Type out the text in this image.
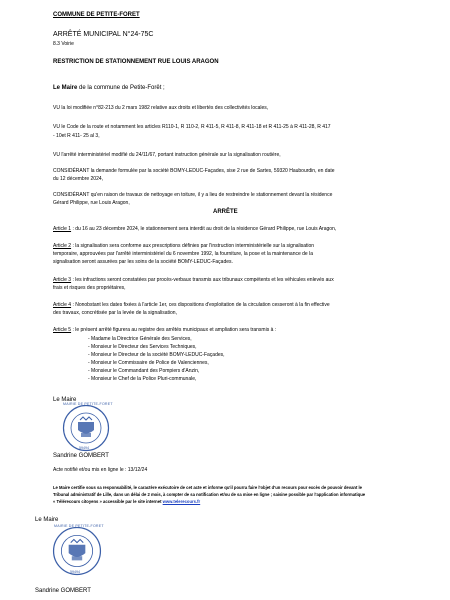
COMMUNE DE PETITE-FORET
ARRÊTÉ MUNICIPAL N°24-75C
8.3 Voirie
RESTRICTION DE STATIONNEMENT RUE LOUIS ARAGON
Le Maire de la commune de Petite-Forêt ;
VU la loi modifiée n°82-213 du 2 mars 1982 relative aux droits et libertés des collectivités locales,
VU le Code de la route et notamment les articles R110-1, R 110-2, R 411-5, R 411-8, R 411-18 et R 411-25 à R 411-28, R 417
- 10et R 411- 25 al 3,
VU l'arrêté interministériel modifié du 24/11/67, portant instruction générale sur la signalisation routière,
CONSIDÉRANT la demande formulée par la société BOMY-LEDUC-Façades, sise 2 rue de Sartes, 59320 Haubourdin, en date
du 12 décembre 2024,
CONSIDÉRANT qu'en raison de travaux de nettoyage en toiture, il y a lieu de restreindre le stationnement devant la résidence
Gérard Philippe, rue Louis Aragon,
ARRÊTE
Article 1 : du 16 au 23 décembre 2024, le stationnement sera interdit au droit de la résidence Gérard Philippe, rue Louis Aragon,
Article 2 : la signalisation sera conforme aux prescriptions définies par l'instruction interministérielle sur la signalisation
temporaire, approuvées par l'arrêté interministériel du 6 novembre 1992, la fourniture, la pose et la maintenance de la
signalisation seront assurées par les soins de la société BOMY-LEDUC-Façades.
Article 3 : les infractions seront constatées par procès-verbaux transmis aux tribunaux compétents et les véhicules enlevés aux
frais et risques des propriétaires,
Article 4 : Nonobstant les dates fixées à l'article 1er, ces dispositions d'exploitation de la circulation cesseront à la fin effective
des travaux, concrétisée par la levée de la signalisation,
Article 5 : le présent arrêté figurera au registre des arrêtés municipaux et ampliation sera transmis à :
- Madame la Directrice Générale des Services,
- Monsieur le Directeur des Services Techniques,
- Monsieur le Directeur de la société BOMY-LEDUC-Façades,
- Monsieur le Commissaire de Police de Valenciennes,
- Monsieur le Commandant des Pompiers d'Anzin,
- Monsieur le Chef de la Police Pluri-communale,
Le Maire
MAIRIE DE PETITE-FORET
59494
Sandrine GOMBERT
Acte notifié et/ou mis en ligne le : 13/12/24
Le Maire certifie sous sa responsabilité, le caractère exécutoire de cet acte et informe qu'il pourra faire l'objet d'un recours pour excès de pouvoir devant le
Tribunal administratif de Lille, dans un délai de 2 mois, à compter de sa notification et/ou de sa mise en ligne ; saisine possible par l'application informatique
« Télérecours citoyens » accessible par le site internet www.telerecours.fr
Le Maire
MAIRIE DE PETITE-FORET
59494
Sandrine GOMBERT
